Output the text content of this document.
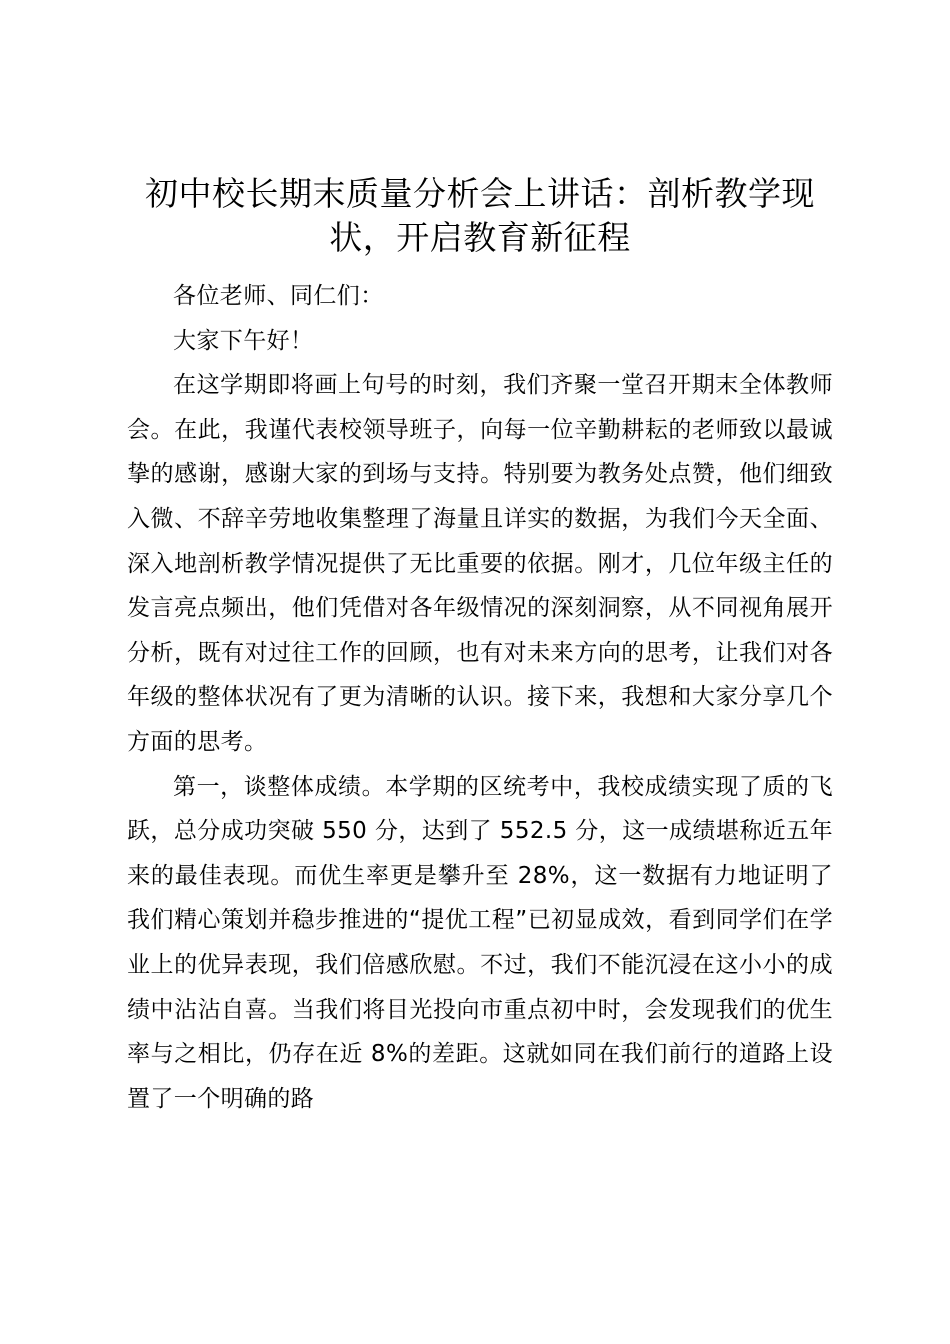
初中校长期末质量分析会上讲话：剖析教学现状，开启教育新征程

各位老师、同仁们：

大家下午好！

在这学期即将画上句号的时刻，我们齐聚一堂召开期末全体教师会。在此，我谨代表校领导班子，向每一位辛勤耕耘的老师致以最诚挚的感谢，感谢大家的到场与支持。特别要为教务处点赞，他们细致入微、不辞辛劳地收集整理了海量且详实的数据，为我们今天全面、深入地剖析教学情况提供了无比重要的依据。刚才，几位年级主任的发言亮点频出，他们凭借对各年级情况的深刻洞察，从不同视角展开分析，既有对过往工作的回顾，也有对未来方向的思考，让我们对各年级的整体状况有了更为清晰的认识。接下来，我想和大家分享几个方面的思考。

第一，谈整体成绩。本学期的区统考中，我校成绩实现了质的飞跃，总分成功突破 550 分，达到了 552.5 分，这一成绩堪称近五年来的最佳表现。而优生率更是攀升至 28%，这一数据有力地证明了我们精心策划并稳步推进的“提优工程”已初显成效，看到同学们在学业上的优异表现，我们倍感欣慰。不过，我们不能沉浸在这小小的成绩中沾沾自喜。当我们将目光投向市重点初中时，会发现我们的优生率与之相比，仍存在近 8%的差距。这就如同在我们前行的道路上设置了一个明确的路
